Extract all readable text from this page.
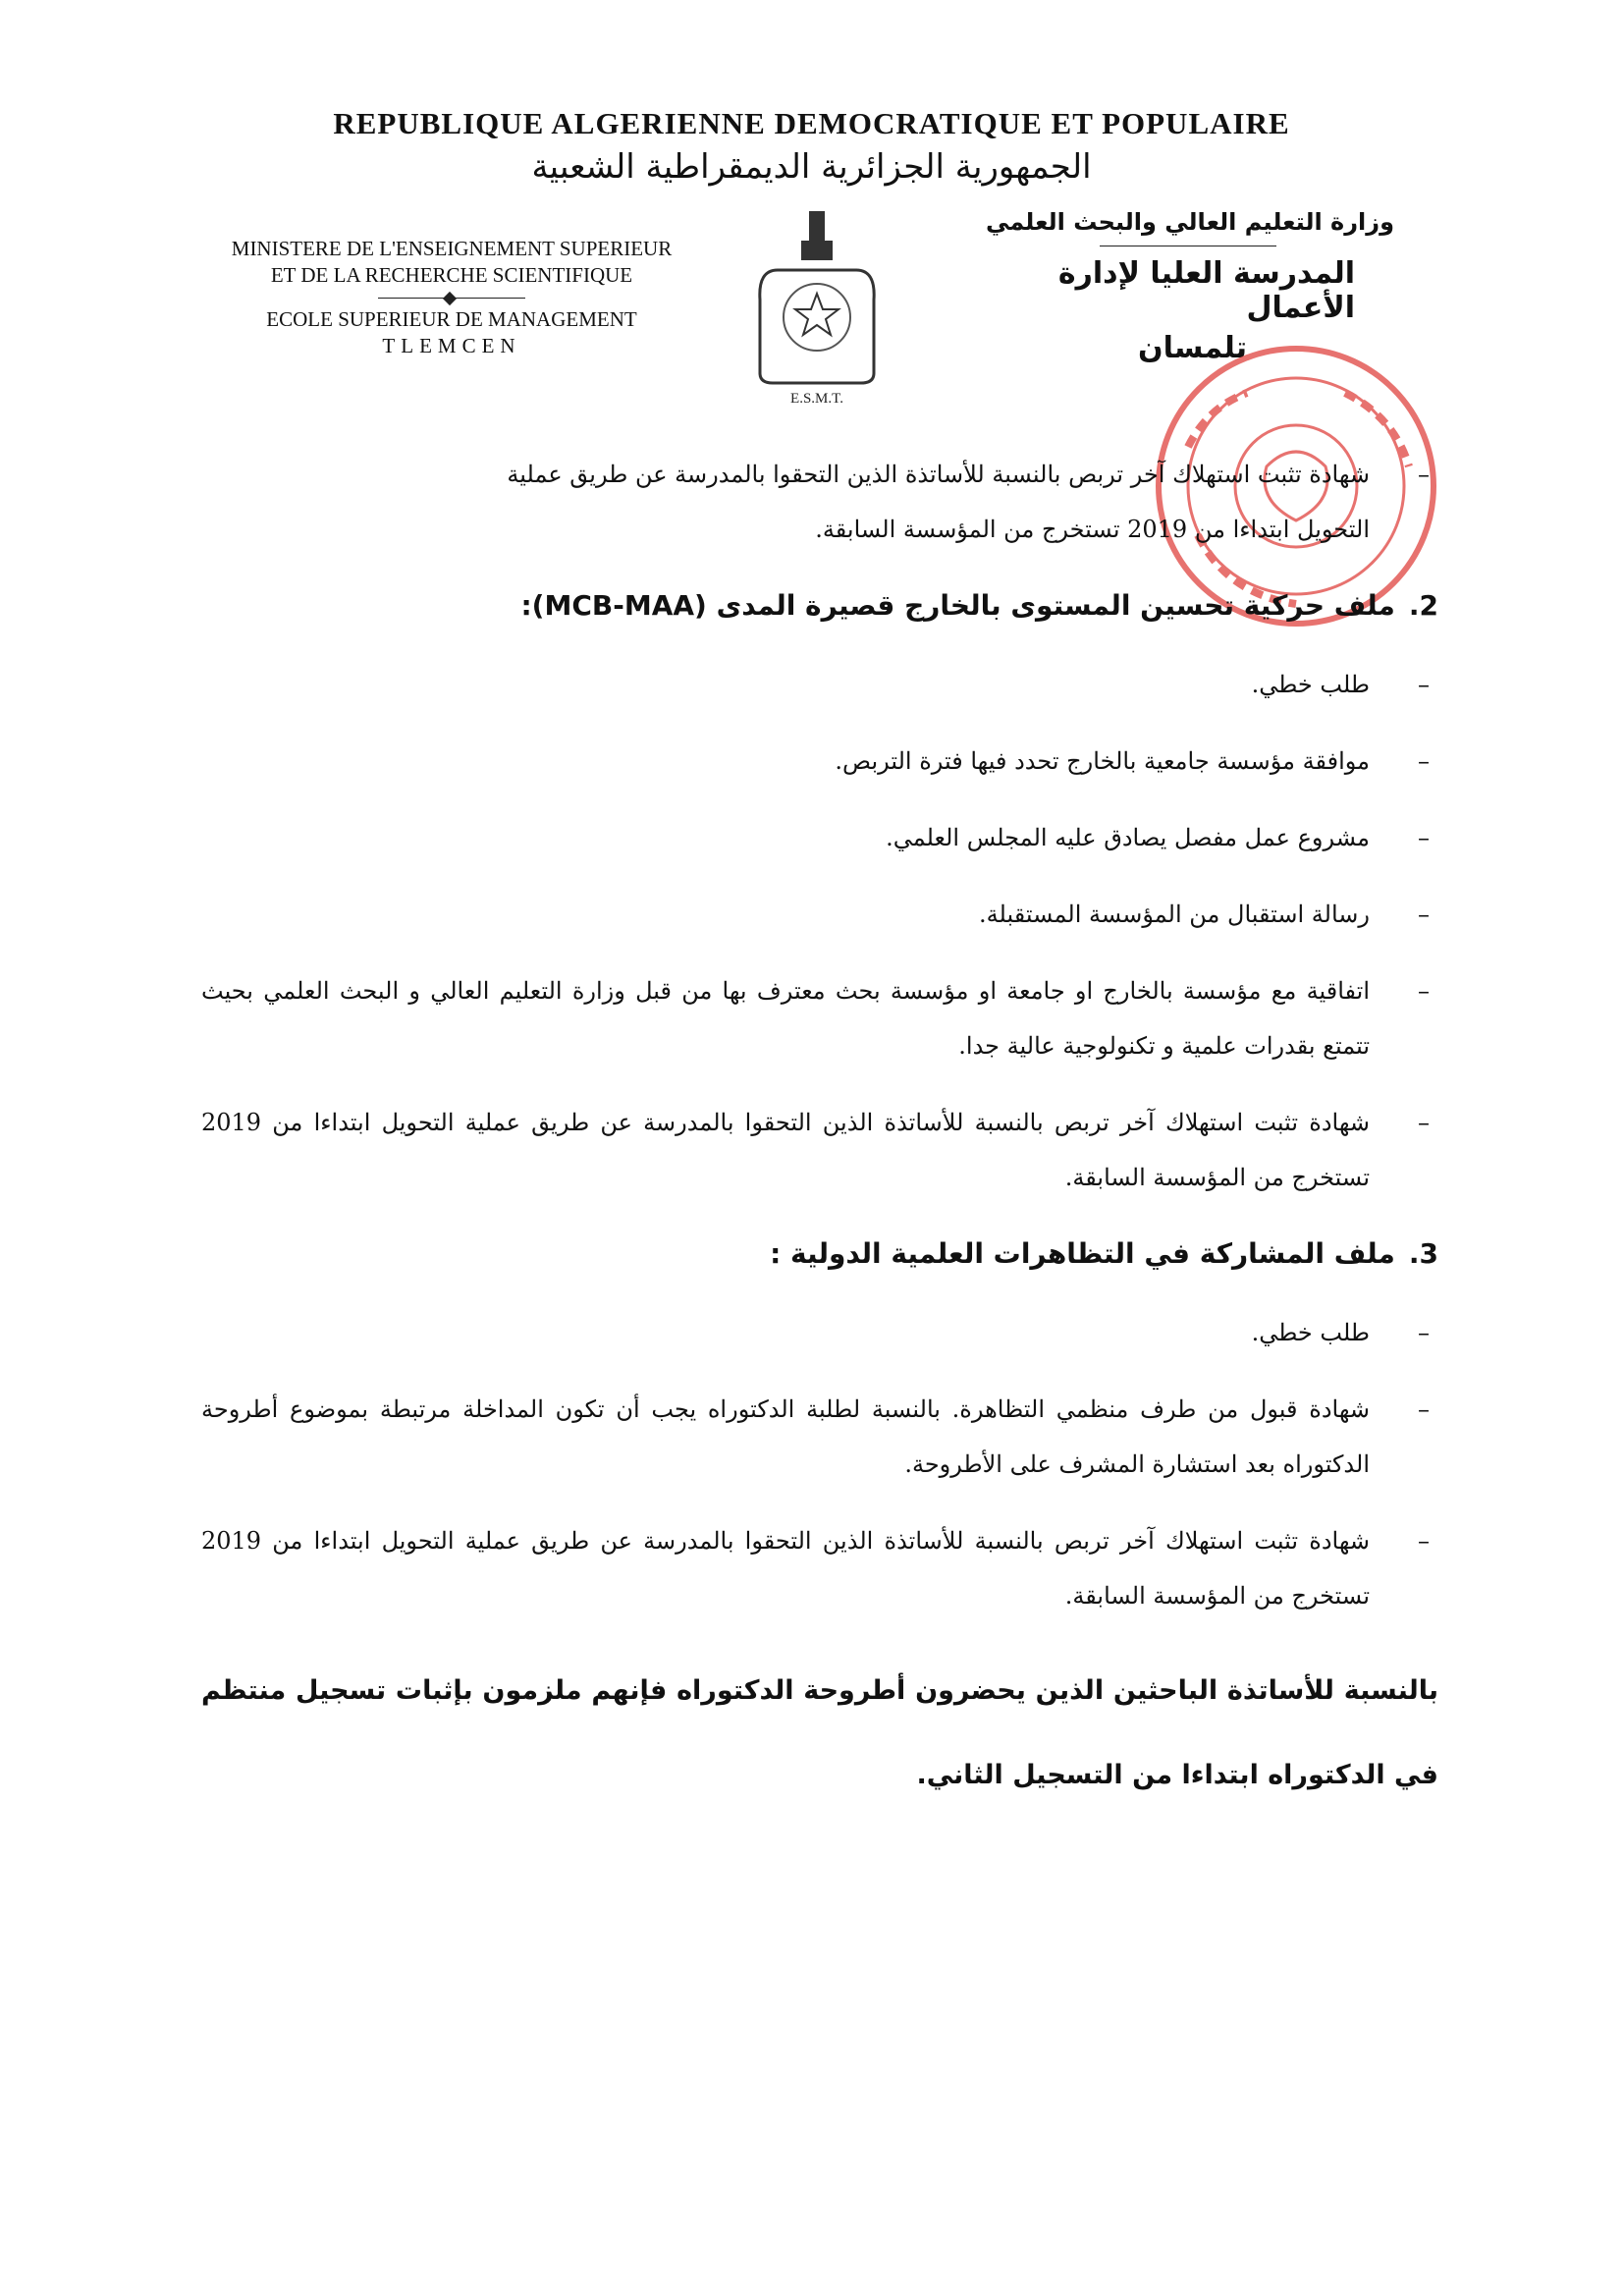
REPUBLIQUE ALGERIENNE DEMOCRATIQUE ET POPULAIRE
الجمهورية الجزائرية الديمقراطية الشعبية
MINISTERE DE L'ENSEIGNEMENT SUPERIEUR
ET DE LA RECHERCHE SCIENTIFIQUE
ECOLE SUPERIEUR DE MANAGEMENT
TLEMCEN
E.S.M.T.
وزارة التعليم العالي والبحث العلمي
المدرسة العليا لإدارة الأعمال
تلمسان
–
شهادة تثبت استهلاك آخر تربص بالنسبة للأساتذة الذين التحقوا بالمدرسة عن طريق عملية
التحويل ابتداءا من 2019 تستخرج من المؤسسة السابقة.
2.ملف حركية تحسين المستوى بالخارج قصيرة المدى (MCB-MAA):
–
طلب خطي.
–
موافقة مؤسسة جامعية بالخارج تحدد فيها فترة التربص.
–
مشروع عمل مفصل يصادق عليه المجلس العلمي.
–
رسالة استقبال من المؤسسة المستقبلة.
–
اتفاقية مع مؤسسة بالخارج او جامعة او مؤسسة بحث معترف بها من قبل وزارة التعليم العالي و البحث العلمي بحيث تتمتع بقدرات علمية و تكنولوجية عالية جدا.
–
شهادة تثبت استهلاك آخر تربص بالنسبة للأساتذة الذين التحقوا بالمدرسة عن طريق عملية التحويل ابتداءا من 2019 تستخرج من المؤسسة السابقة.
3.ملف المشاركة في التظاهرات العلمية الدولية :
–
طلب خطي.
–
شهادة قبول من طرف منظمي التظاهرة. بالنسبة لطلبة الدكتوراه يجب أن تكون المداخلة مرتبطة بموضوع أطروحة الدكتوراه بعد استشارة المشرف على الأطروحة.
–
شهادة تثبت استهلاك آخر تربص بالنسبة للأساتذة الذين التحقوا بالمدرسة عن طريق عملية التحويل ابتداءا من 2019 تستخرج من المؤسسة السابقة.
بالنسبة للأساتذة الباحثين الذين يحضرون أطروحة الدكتوراه فإنهم ملزمون بإثبات تسجيل منتظم في الدكتوراه ابتداءا من التسجيل الثاني.
